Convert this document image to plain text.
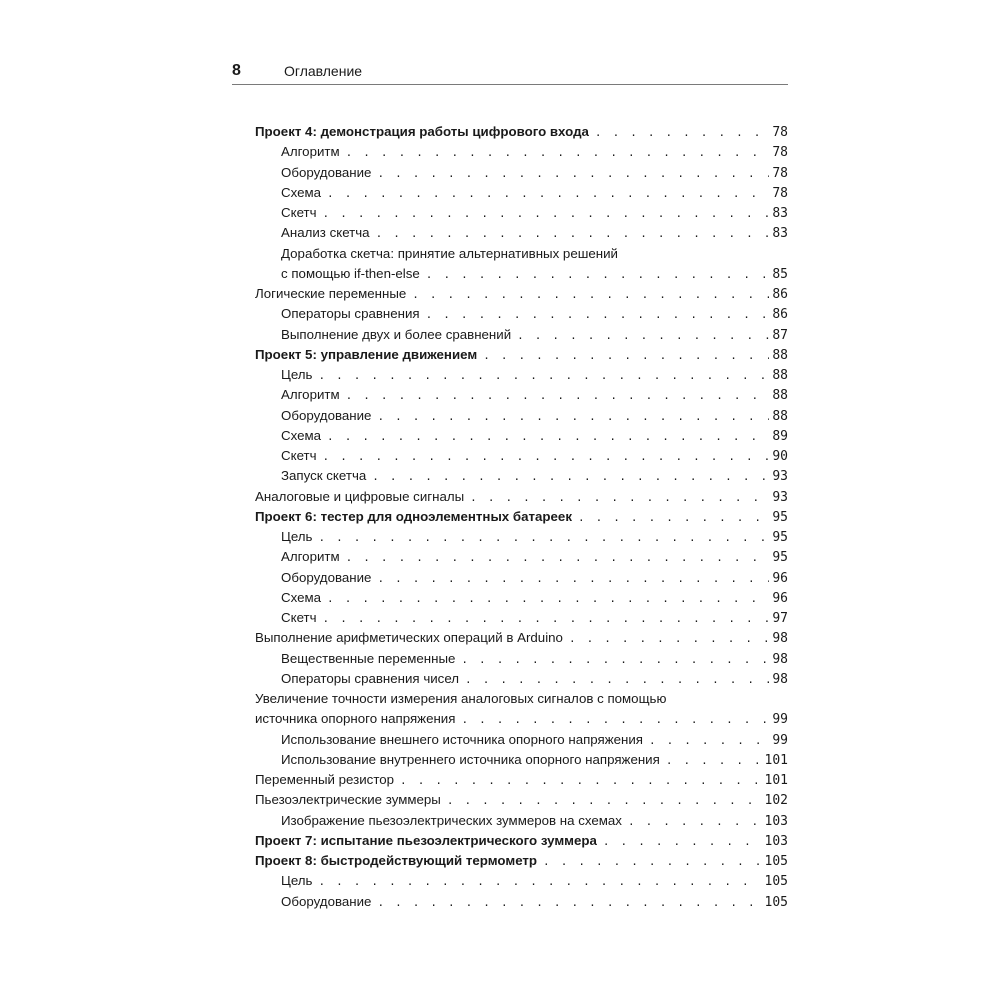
8	Оглавление
Проект 4: демонстрация работы цифрового входа . . .	78
Алгоритм . . .	78
Оборудование . . .	78
Схема . . .	78
Скетч . . .	83
Анализ скетча . . .	83
Доработка скетча: принятие альтернативных решений
с помощью if-then-else . . .	85
Логические переменные . . .	86
Операторы сравнения . . .	86
Выполнение двух и более сравнений . . .	87
Проект 5: управление движением . . .	88
Цель . . .	88
Алгоритм . . .	88
Оборудование . . .	88
Схема . . .	89
Скетч . . .	90
Запуск скетча . . .	93
Аналоговые и цифровые сигналы . . .	93
Проект 6: тестер для одноэлементных батареек . . .	95
Цель . . .	95
Алгоритм . . .	95
Оборудование . . .	96
Схема . . .	96
Скетч . . .	97
Выполнение арифметических операций в Arduino . . .	98
Вещественные переменные . . .	98
Операторы сравнения чисел . . .	98
Увеличение точности измерения аналоговых сигналов с помощью
источника опорного напряжения . . .	99
Использование внешнего источника опорного напряжения . . .	99
Использование внутреннего источника опорного напряжения . . .	101
Переменный резистор . . .	101
Пьезоэлектрические зуммеры . . .	102
Изображение пьезоэлектрических зуммеров на схемах . . .	103
Проект 7: испытание пьезоэлектрического зуммера . . .	103
Проект 8: быстродействующий термометр . . .	105
Цель . . .	105
Оборудование . . .	105
